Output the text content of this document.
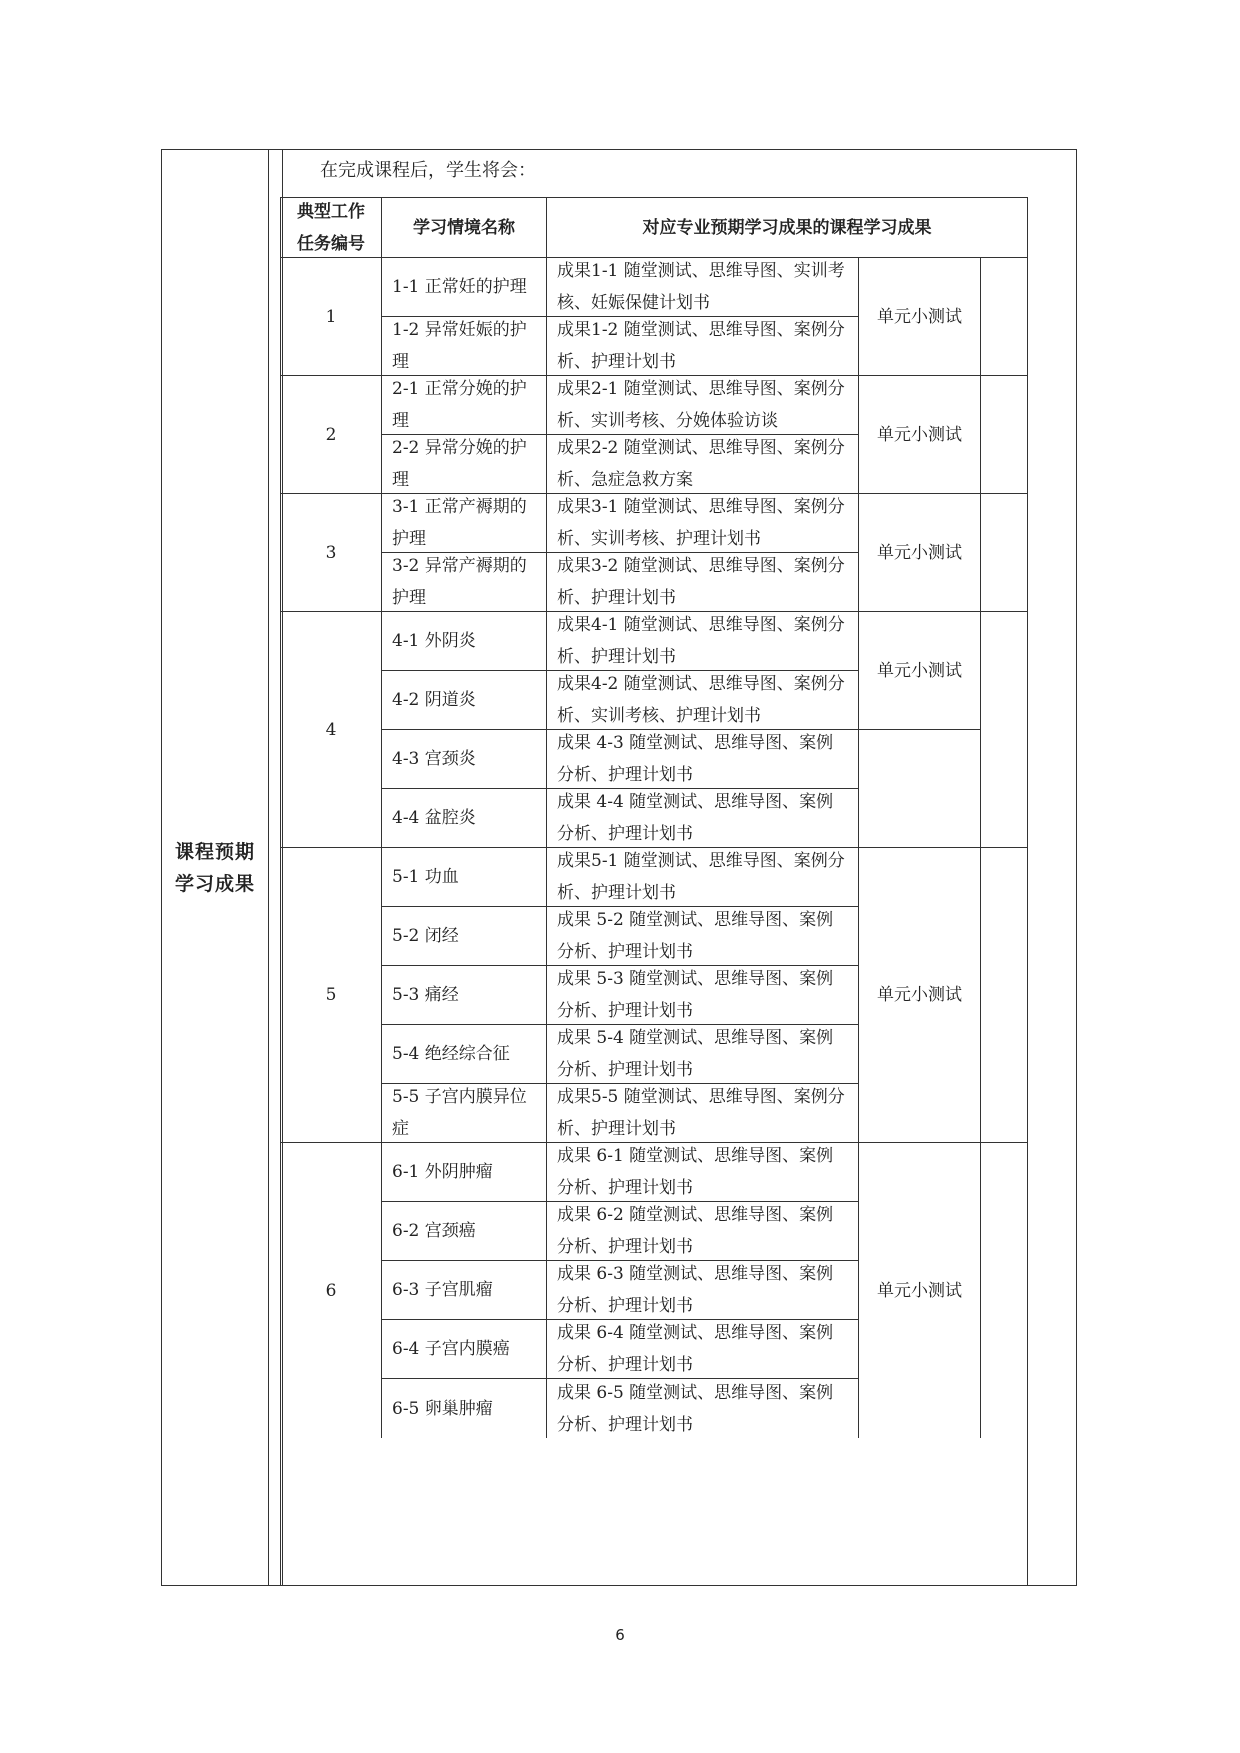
课程预期
学习成果
在完成课程后，学生将会：
典型工作
任务编号
学习情境名称	对应专业预期学习成果的课程学习成果
1
1-1 正常妊的护理
成果1-1 随堂测试、思维导图、实训考核、妊娠保健计划书
1-2 异常妊娠的护理
成果1-2 随堂测试、思维导图、案例分析、护理计划书
单元小测试
2
2-1 正常分娩的护理
成果2-1 随堂测试、思维导图、案例分析、实训考核、分娩体验访谈
2-2 异常分娩的护理
成果2-2 随堂测试、思维导图、案例分析、急症急救方案
单元小测试
3
3-1 正常产褥期的护理
成果3-1 随堂测试、思维导图、案例分析、实训考核、护理计划书
3-2 异常产褥期的护理
成果3-2 随堂测试、思维导图、案例分析、护理计划书
单元小测试
4
4-1 外阴炎
成果4-1 随堂测试、思维导图、案例分析、护理计划书
4-2 阴道炎
成果4-2 随堂测试、思维导图、案例分析、实训考核、护理计划书
4-3 宫颈炎
成果 4-3 随堂测试、思维导图、案例分析、护理计划书
4-4 盆腔炎
成果 4-4 随堂测试、思维导图、案例分析、护理计划书
单元小测试
5
5-1 功血
成果5-1 随堂测试、思维导图、案例分析、护理计划书
5-2 闭经
成果 5-2 随堂测试、思维导图、案例分析、护理计划书
5-3 痛经
成果 5-3 随堂测试、思维导图、案例分析、护理计划书
5-4 绝经综合征
成果 5-4 随堂测试、思维导图、案例分析、护理计划书
5-5 子宫内膜异位症
成果5-5 随堂测试、思维导图、案例分析、护理计划书
单元小测试
6
6-1 外阴肿瘤
成果 6-1 随堂测试、思维导图、案例分析、护理计划书
6-2 宫颈癌
成果 6-2 随堂测试、思维导图、案例分析、护理计划书
6-3 子宫肌瘤
成果 6-3 随堂测试、思维导图、案例分析、护理计划书
6-4 子宫内膜癌
成果 6-4 随堂测试、思维导图、案例分析、护理计划书
6-5 卵巢肿瘤
成果 6-5 随堂测试、思维导图、案例分析、护理计划书
单元小测试
6
